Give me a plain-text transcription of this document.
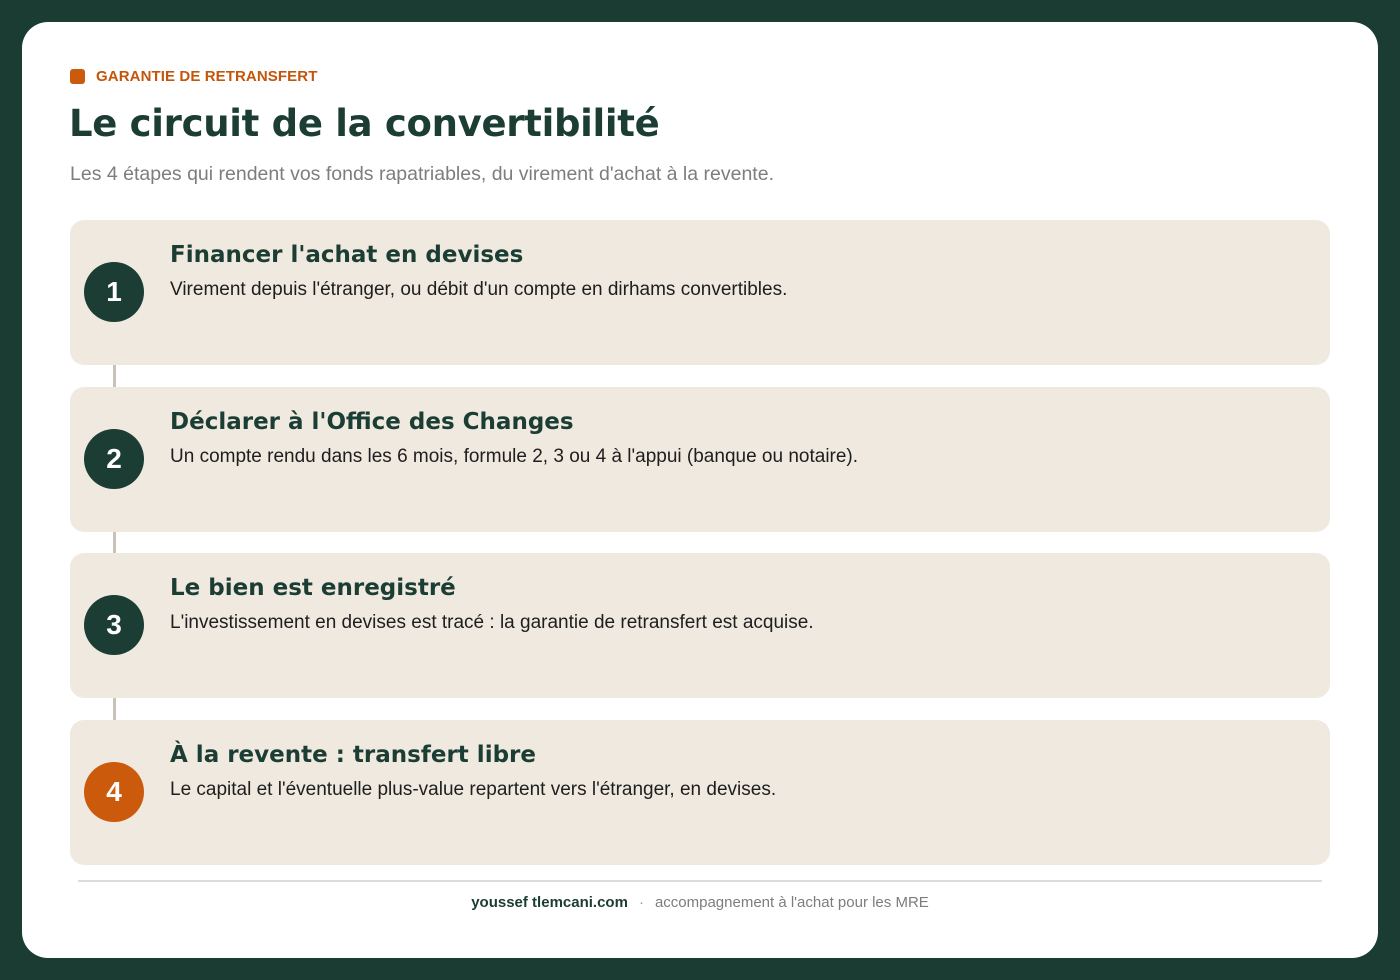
GARANTIE DE RETRANSFERT
Le circuit de la convertibilité

Les 4 étapes qui rendent vos fonds rapatriables, du virement d'achat à la revente.

1
Financer l'achat en devises

Virement depuis l'étranger, ou débit d'un compte en dirhams convertibles.

2
Déclarer à l'Office des Changes

Un compte rendu dans les 6 mois, formule 2, 3 ou 4 à l'appui (banque ou notaire).

3
Le bien est enregistré

L'investissement en devises est tracé : la garantie de retransfert est acquise.

4
À la revente : transfert libre

Le capital et l'éventuelle plus-value repartent vers l'étranger, en devises.

youssef tlemcani.com · accompagnement à l'achat pour les MRE
